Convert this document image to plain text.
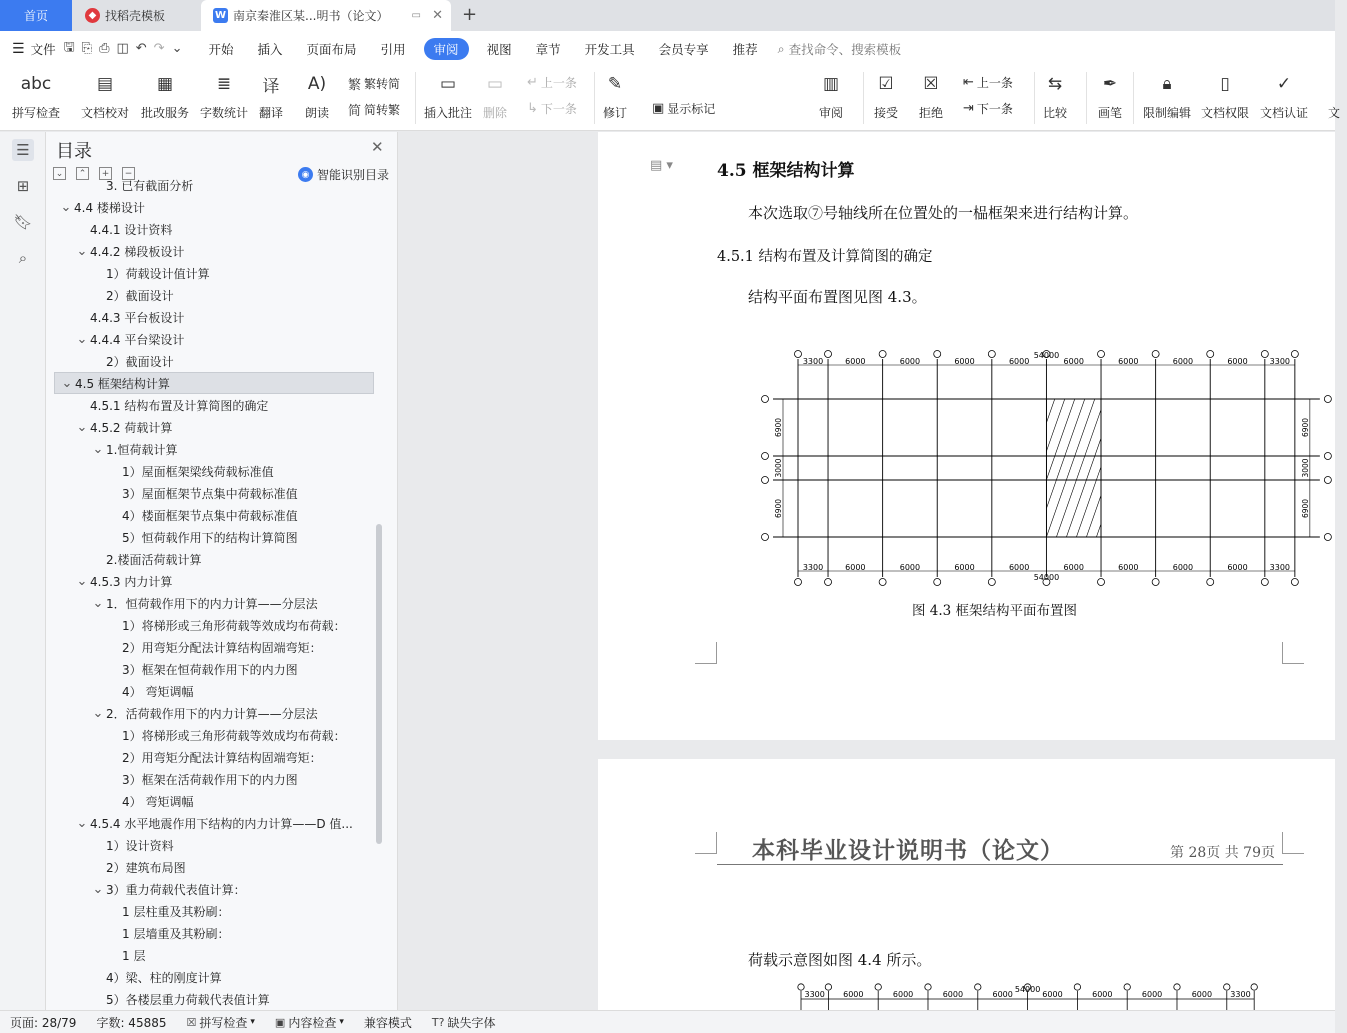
首页	◆ 找稻壳模板	W 南京秦淮区某...明书（论文） ▭ ✕ +
☰ 文件 🖫 ⎘ ⎙ ◫ ↶ ↷ ⌄	开始	插入	页面布局	引用	审阅	视图	章节	开发工具	会员专享	推荐	⌕ 查找命令、搜索模板
abc
拼写检查
▤
文档校对
▦
批改服务
≣
字数统计
译
翻译
A)
朗读
繁 繁转简
简 简转繁
▭
插入批注
▭
删除
↵ 上一条
↳ 下一条
✎
修订 ▣ 显示标记
▥
审阅
☑
接受
☒
拒绝
⇤ 上一条
⇥ 下一条
⇆
比较
✒
画笔
🔒︎
限制编辑
▯
文档权限
✓
文档认证 文
☰
⊞
🔖︎
⌕
目录	✕
⌄	⌃	+	−	◉ 智能识别目录
3. 已有截面分析
⌄ 4.4 楼梯设计
4.4.1 设计资料
⌄ 4.4.2 梯段板设计
1）荷载设计值计算
2）截面设计
4.4.3 平台板设计
⌄ 4.4.4 平台梁设计
2）截面设计
⌄ 4.5 框架结构计算
4.5.1 结构布置及计算简图的确定
⌄ 4.5.2 荷载计算
⌄ 1.恒荷载计算
1）屋面框架梁线荷载标准值
3）屋面框架节点集中荷载标准值
4）楼面框架节点集中荷载标准值
5）恒荷载作用下的结构计算简图
2.楼面活荷载计算
⌄ 4.5.3 内力计算
⌄ 1．恒荷载作用下的内力计算——分层法
1）将梯形或三角形荷载等效成均布荷载：
2）用弯矩分配法计算结构固端弯矩：
3）框架在恒荷载作用下的内力图
4） 弯矩调幅
⌄ 2．活荷载作用下的内力计算——分层法
1）将梯形或三角形荷载等效成均布荷载：
2）用弯矩分配法计算结构固端弯矩：
3）框架在活荷载作用下的内力图
4） 弯矩调幅
⌄ 4.5.4 水平地震作用下结构的内力计算——D 值...
1）设计资料
2）建筑布局图
⌄ 3）重力荷载代表值计算：
1 层柱重及其粉刷：
1 层墙重及其粉刷：
1 层
4）梁、柱的刚度计算
5）各楼层重力荷载代表值计算
▤ ▾	4.5 框架结构计算
本次选取⑦号轴线所在位置处的一榀框架来进行结构计算。
4.5.1 结构布置及计算简图的确定
结构平面布置图见图 4.3。
3300	6000	6000	6000	6000	6000	6000	6000	6000	3300
54000
3300	6000	6000	6000	6000	6000	6000	6000	6000	3300
54000
6900
3000
6900
6900
3000
6900
图 4.3 框架结构平面布置图
本科毕业设计说明书（论文）	第 28页 共 79页
荷载示意图如图 4.4 所示。
3300 6000	6000	6000	6000	6000	6000	6000	6000 3300
54000
页面: 28/79 字数: 45885 ☒ 拼写检查 ▾ ▣ 内容检查 ▾ 兼容模式 T? 缺失字体
